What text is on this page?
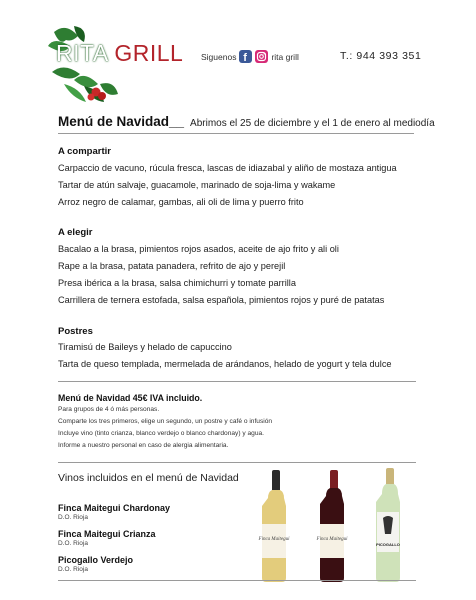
RITA GRILL Siguenos f	rita grill	T.: 944 393 351
Menú de Navidad__ Abrimos el 25 de diciembre y el 1 de enero al mediodía
A compartir
Carpaccio de vacuno, rúcula fresca, lascas de idiazabal y aliño de mostaza antigua
Tartar de atún salvaje, guacamole, marinado de soja-lima y wakame
Arroz negro de calamar, gambas, ali oli de lima y puerro frito
A elegir
Bacalao a la brasa, pimientos rojos asados, aceite de ajo frito y ali oli
Rape a la brasa, patata panadera, refrito de ajo y perejil
Presa ibérica a la brasa, salsa chimichurri y tomate parrilla
Carrillera de ternera estofada, salsa española, pimientos rojos y puré de patatas
Postres
Tiramisú de Baileys y helado de capuccino
Tarta de queso templada, mermelada de arándanos, helado de yogurt y tela dulce
Menú de Navidad 45€ IVA incluido.
Para grupos de 4 ó más personas.
Comparte los tres primeros, elige un segundo, un postre y café o infusión
Incluye vino (tinto crianza, blanco verdejo o blanco chardonay) y agua.
Informe a nuestro personal en caso de alergia alimentaria.
Vinos incluidos en el menú de Navidad
Finca Maitegui Chardonay
D.O. Rioja
Finca Maitegui Crianza
D.O. Rioja
Picogallo Verdejo
D.O. Rioja
Finca Maitegui	Finca Maitegui
PICOGALLO
